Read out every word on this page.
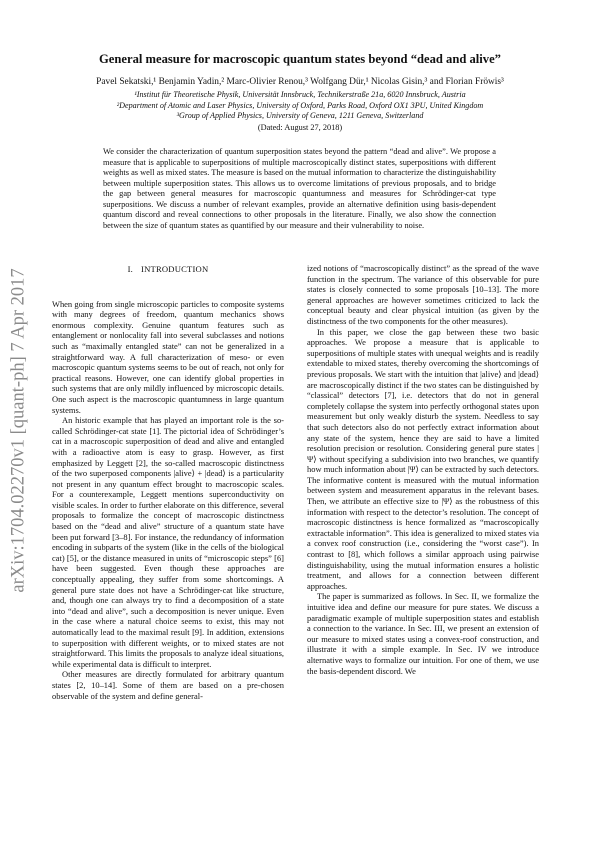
arXiv:1704.02270v1 [quant-ph] 7 Apr 2017
General measure for macroscopic quantum states beyond “dead and alive”
Pavel Sekatski,¹ Benjamin Yadin,² Marc-Olivier Renou,³ Wolfgang Dür,¹ Nicolas Gisin,³ and Florian Fröwis³
¹Institut für Theoretische Physik, Universität Innsbruck, Technikerstraße 21a, 6020 Innsbruck, Austria
²Department of Atomic and Laser Physics, University of Oxford, Parks Road, Oxford OX1 3PU, United Kingdom
³Group of Applied Physics, University of Geneva, 1211 Geneva, Switzerland
(Dated: August 27, 2018)
We consider the characterization of quantum superposition states beyond the pattern “dead and alive”. We propose a measure that is applicable to superpositions of multiple macroscopically distinct states, superpositions with different weights as well as mixed states. The measure is based on the mutual information to characterize the distinguishability between multiple superposition states. This allows us to overcome limitations of previous proposals, and to bridge the gap between general measures for macroscopic quantumness and measures for Schrödinger-cat type superpositions. We discuss a number of relevant examples, provide an alternative definition using basis-dependent quantum discord and reveal connections to other proposals in the literature. Finally, we also show the connection between the size of quantum states as quantified by our measure and their vulnerability to noise.
I. INTRODUCTION

When going from single microscopic particles to composite systems with many degrees of freedom, quantum mechanics shows enormous complexity. Genuine quantum features such as entanglement or nonlocality fall into several subclasses and notions such as “maximally entangled state” can not be generalized in a straightforward way. A full characterization of meso- or even macroscopic quantum systems seems to be out of reach, not only for practical reasons. However, one can identify global properties in such systems that are only mildly influenced by microscopic details. One such aspect is the macroscopic quantumness in large quantum systems.

An historic example that has played an important role is the so-called Schrödinger-cat state [1]. The pictorial idea of Schrödinger’s cat in a macroscopic superposition of dead and alive and entangled with a radioactive atom is easy to grasp. However, as first emphasized by Leggett [2], the so-called macroscopic distinctness of the two superposed components |alive⟩ + |dead⟩ is a particularity not present in any quantum effect brought to macroscopic scales. For a counterexample, Leggett mentions superconductivity on visible scales. In order to further elaborate on this difference, several proposals to formalize the concept of macroscopic distinctness based on the “dead and alive” structure of a quantum state have been put forward [3–8]. For instance, the redundancy of information encoding in subparts of the system (like in the cells of the biological cat) [5], or the distance measured in units of “microscopic steps” [6] have been suggested. Even though these approaches are conceptually appealing, they suffer from some shortcomings. A general pure state does not have a Schrödinger-cat like structure, and, though one can always try to find a decomposition of a state into “dead and alive”, such a decomposition is never unique. Even in the case where a natural choice seems to exist, this may not automatically lead to the maximal result [9]. In addition, extensions to superposition with different weights, or to mixed states are not straightforward. This limits the proposals to analyze ideal situations, while experimental data is difficult to interpret.

Other measures are directly formulated for arbitrary quantum states [2, 10–14]. Some of them are based on a pre-chosen observable of the system and define general-

ized notions of “macroscopically distinct” as the spread of the wave function in the spectrum. The variance of this observable for pure states is closely connected to some proposals [10–13]. The more general approaches are however sometimes criticized to lack the conceptual beauty and clear physical intuition (as given by the distinctness of the two components for the other measures).

In this paper, we close the gap between these two basic approaches. We propose a measure that is applicable to superpositions of multiple states with unequal weights and is readily extendable to mixed states, thereby overcoming the shortcomings of previous proposals. We start with the intuition that |alive⟩ and |dead⟩ are macroscopically distinct if the two states can be distinguished by “classical” detectors [7], i.e. detectors that do not in general completely collapse the system into perfectly orthogonal states upon measurement but only weakly disturb the system. Needless to say that such detectors also do not perfectly extract information about any state of the system, hence they are said to have a limited resolution precision or resolution. Considering general pure states |Ψ⟩ without specifying a subdivision into two branches, we quantify how much information about |Ψ⟩ can be extracted by such detectors. The informative content is measured with the mutual information between system and measurement apparatus in the relevant bases. Then, we attribute an effective size to |Ψ⟩ as the robustness of this information with respect to the detector’s resolution. The concept of macroscopic distinctness is hence formalized as “macroscopically extractable information”. This idea is generalized to mixed states via a convex roof construction (i.e., considering the “worst case”). In contrast to [8], which follows a similar approach using pairwise distinguishability, using the mutual information ensures a holistic treatment, and allows for a connection between different approaches.

The paper is summarized as follows. In Sec. II, we formalize the intuitive idea and define our measure for pure states. We discuss a paradigmatic example of multiple superposition states and establish a connection to the variance. In Sec. III, we present an extension of our measure to mixed states using a convex-roof construction, and illustrate it with a simple example. In Sec. IV we introduce alternative ways to formalize our intuition. For one of them, we use the basis-dependent discord. We
